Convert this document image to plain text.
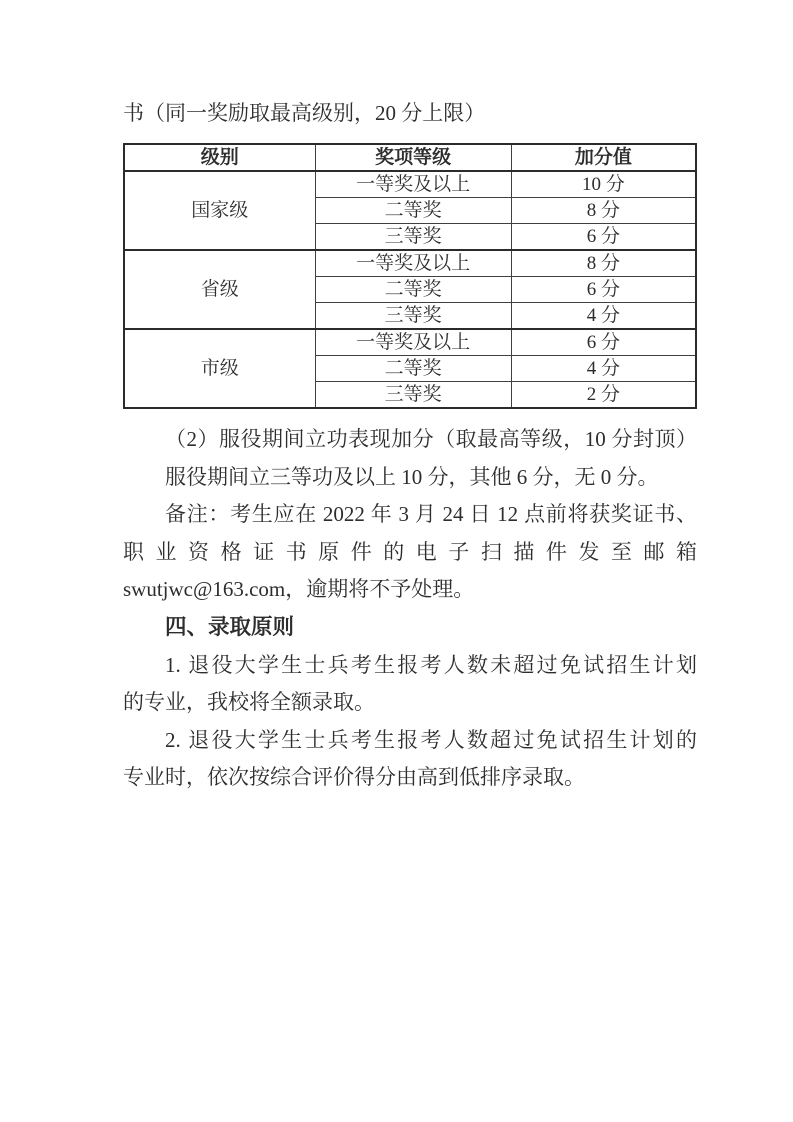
书（同一奖励取最高级别，20 分上限）
级别	奖项等级	加分值
国家级	一等奖及以上	10 分
	二等奖	8 分
	三等奖	6 分
省级	一等奖及以上	8 分
	二等奖	6 分
	三等奖	4 分
市级	一等奖及以上	6 分
	二等奖	4 分
	三等奖	2 分
（2）服役期间立功表现加分（取最高等级，10 分封顶）
服役期间立三等功及以上 10 分，其他 6 分，无 0 分。
备注：考生应在 2022 年 3 月 24 日 12 点前将获奖证书、
职业资格证书原件的电子扫描件发至邮箱
swutjwc@163.com，逾期将不予处理。
四、录取原则
1. 退役大学生士兵考生报考人数未超过免试招生计划
的专业，我校将全额录取。
2. 退役大学生士兵考生报考人数超过免试招生计划的
专业时，依次按综合评价得分由高到低排序录取。
